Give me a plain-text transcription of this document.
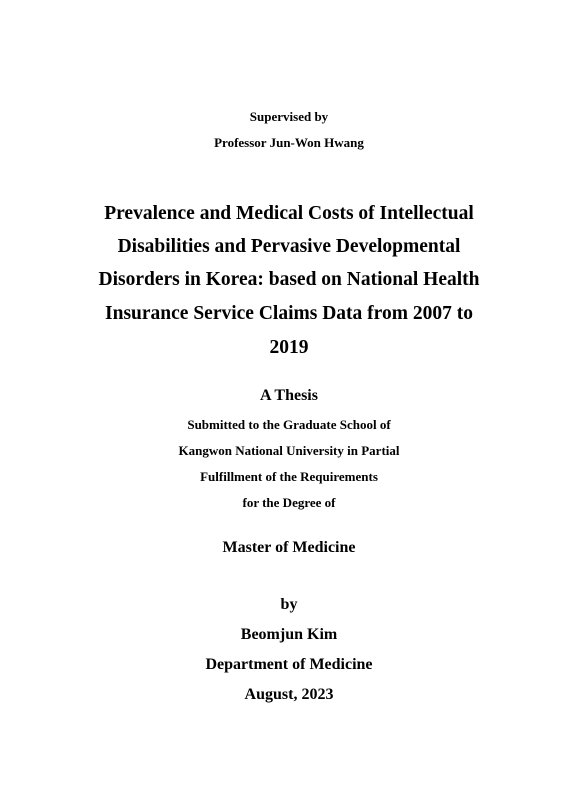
Supervised by
Professor Jun-Won Hwang
Prevalence and Medical Costs of Intellectual
Disabilities and Pervasive Developmental
Disorders in Korea: based on National Health
Insurance Service Claims Data from 2007 to
2019
A Thesis
Submitted to the Graduate School of
Kangwon National University in Partial
Fulfillment of the Requirements
for the Degree of
Master of Medicine
by
Beomjun Kim
Department of Medicine
August, 2023
